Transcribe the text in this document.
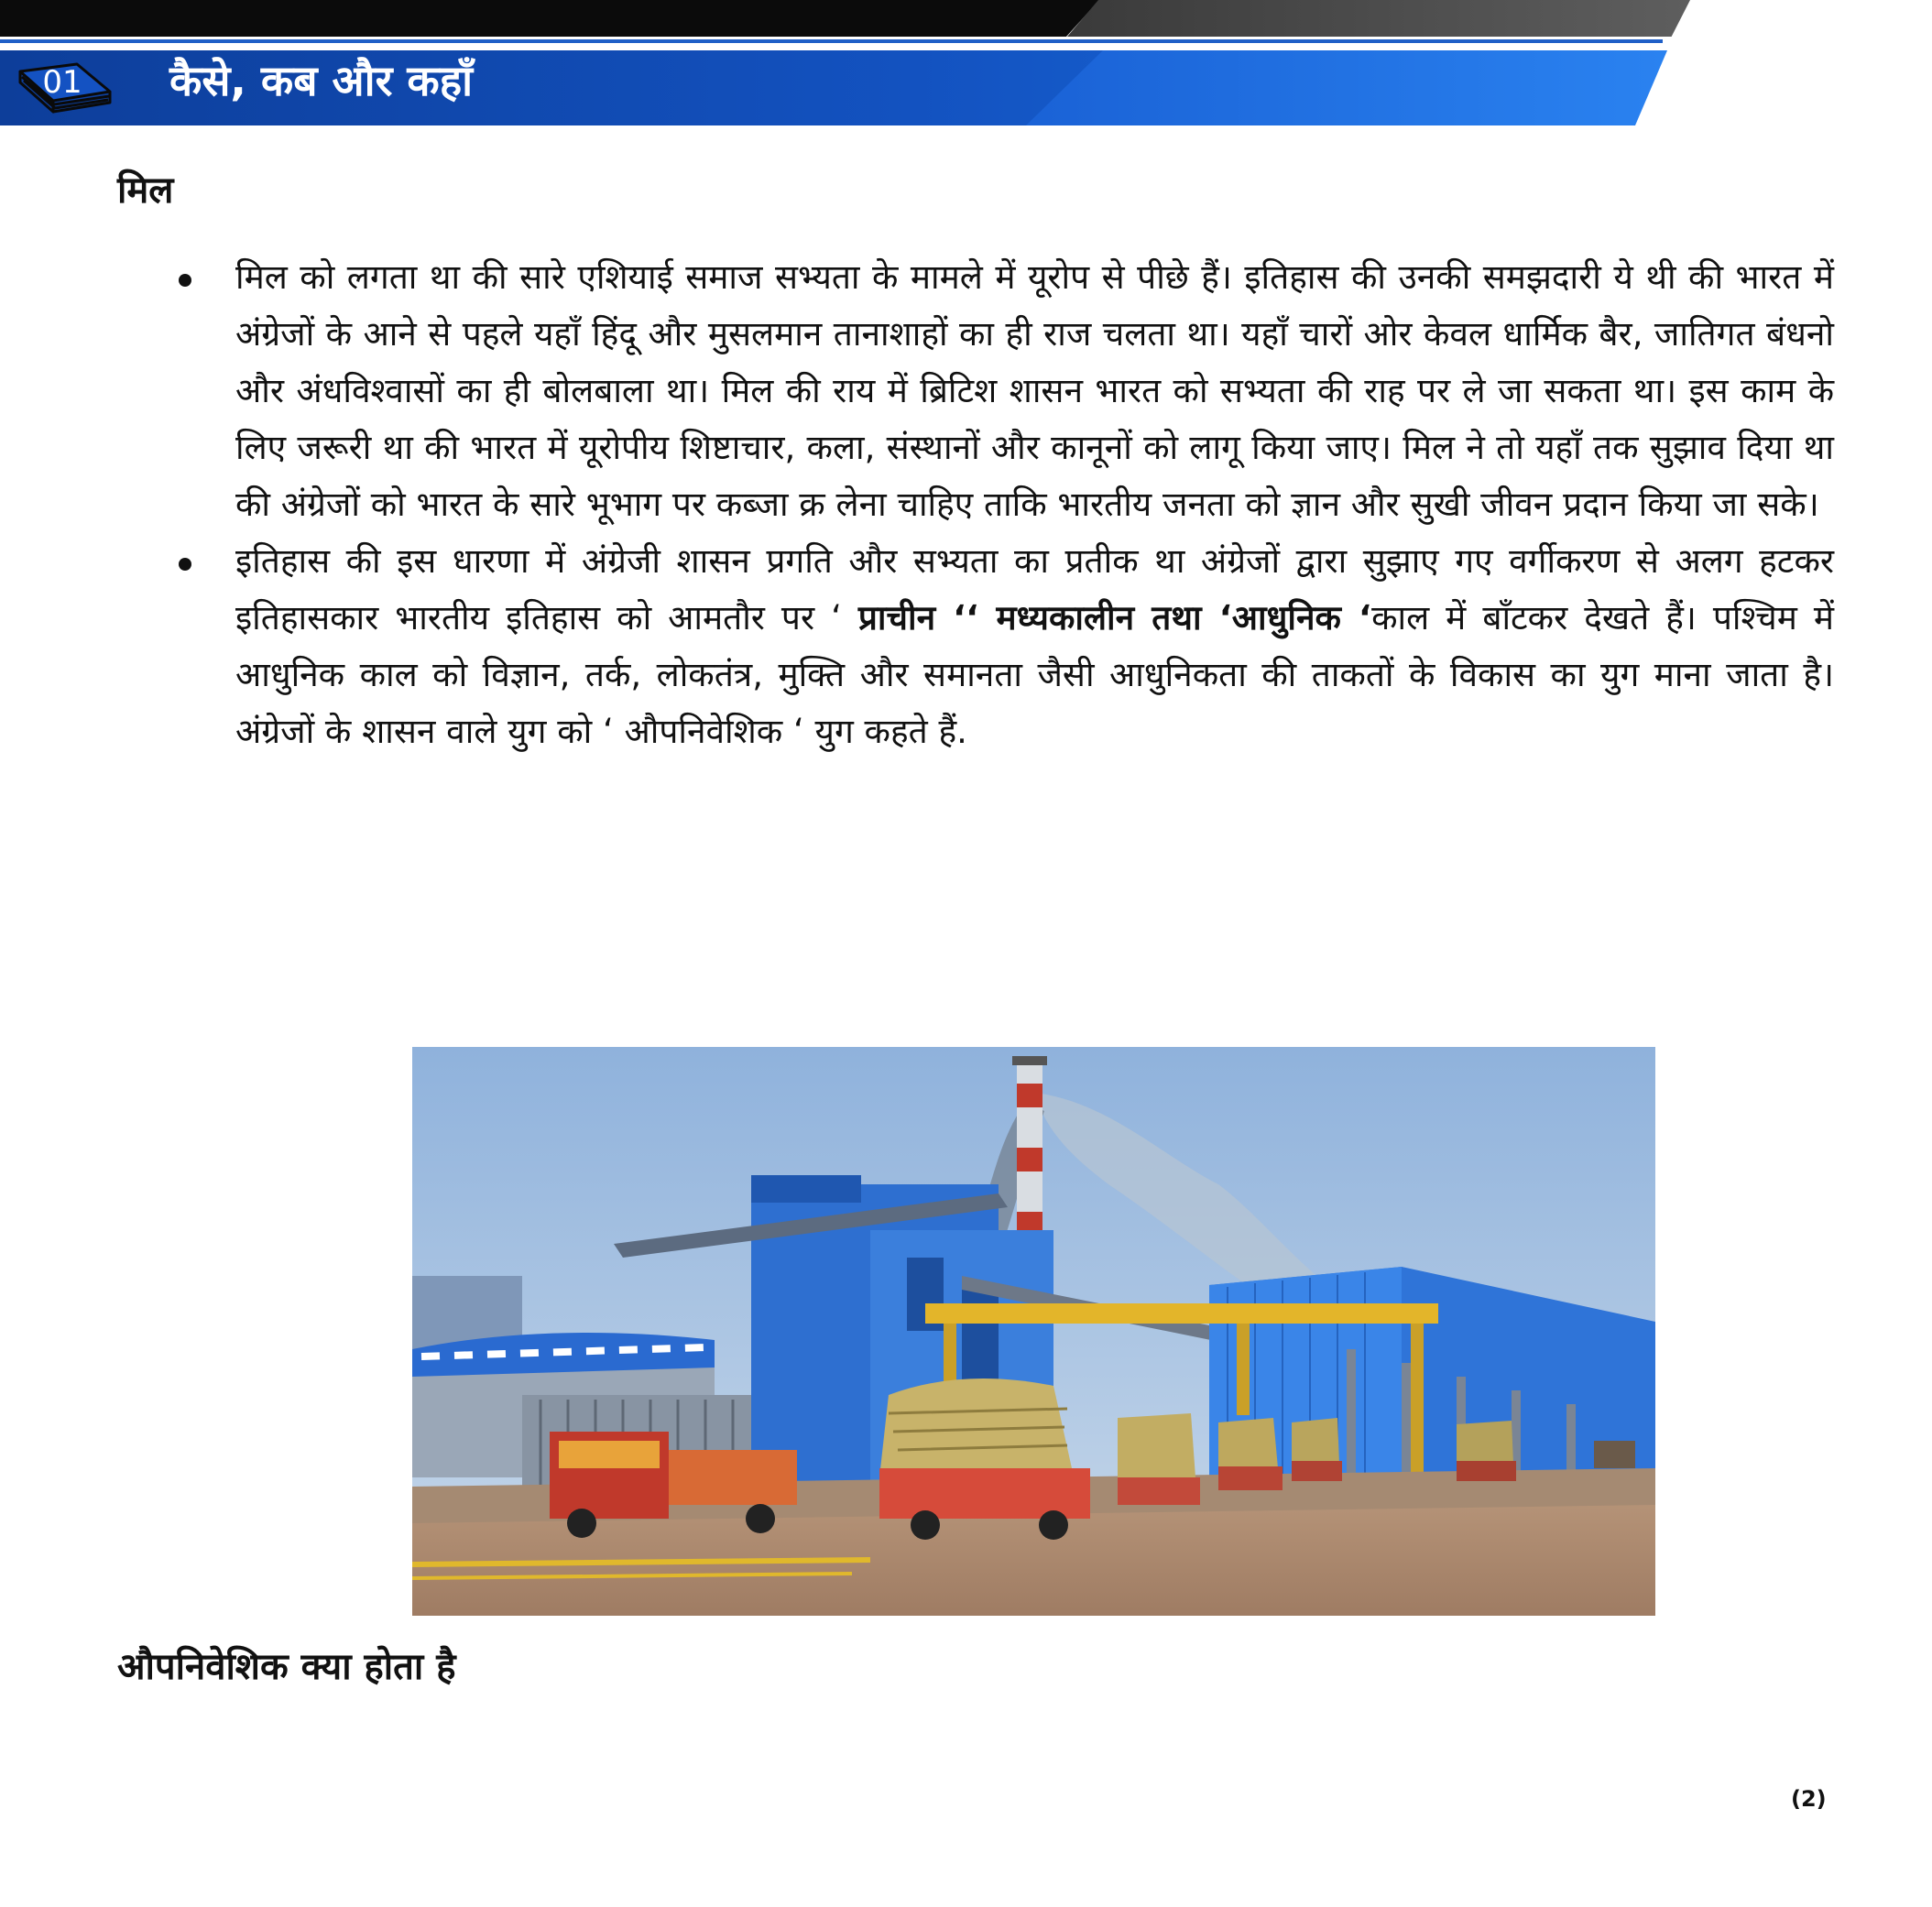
01 कैसे, कब और कहाँ
मिल
मिल को लगता था की सारे एशियाई समाज सभ्यता के मामले में यूरोप से पीछे हैं। इतिहास की उनकी समझदारी ये थी की भारत में अंग्रेजों के आने से पहले यहाँ हिंदू और मुसलमान तानाशाहों का ही राज चलता था। यहाँ चारों ओर केवल धार्मिक बैर, जातिगत बंधनो और अंधविश्वासों का ही बोलबाला था। मिल की राय में ब्रिटिश शासन भारत को सभ्यता की राह पर ले जा सकता था। इस काम के लिए जरूरी था की भारत में यूरोपीय शिष्टाचार, कला, संस्थानों और कानूनों को लागू किया जाए। मिल ने तो यहाँ तक सुझाव दिया था की अंग्रेजों को भारत के सारे भूभाग पर कब्जा क्र लेना चाहिए ताकि भारतीय जनता को ज्ञान और सुखी जीवन प्रदान किया जा सके।
इतिहास की इस धारणा में अंग्रेजी शासन प्रगति और सभ्यता का प्रतीक था अंग्रेजों द्वारा सुझाए गए वर्गीकरण से अलग हटकर इतिहासकार भारतीय इतिहास को आमतौर पर ‘ प्राचीन ‘‘ मध्यकालीन तथा ‘आधुनिक ‘काल में बाँटकर देखते हैं। पश्चिम में आधुनिक काल को विज्ञान, तर्क, लोकतंत्र, मुक्ति और समानता जैसी आधुनिकता की ताकतों के विकास का युग माना जाता है। अंग्रेजों के शासन वाले युग को ‘ औपनिवेशिक ‘ युग कहते हैं.
औपनिवेशिक क्या होता है
(2)
